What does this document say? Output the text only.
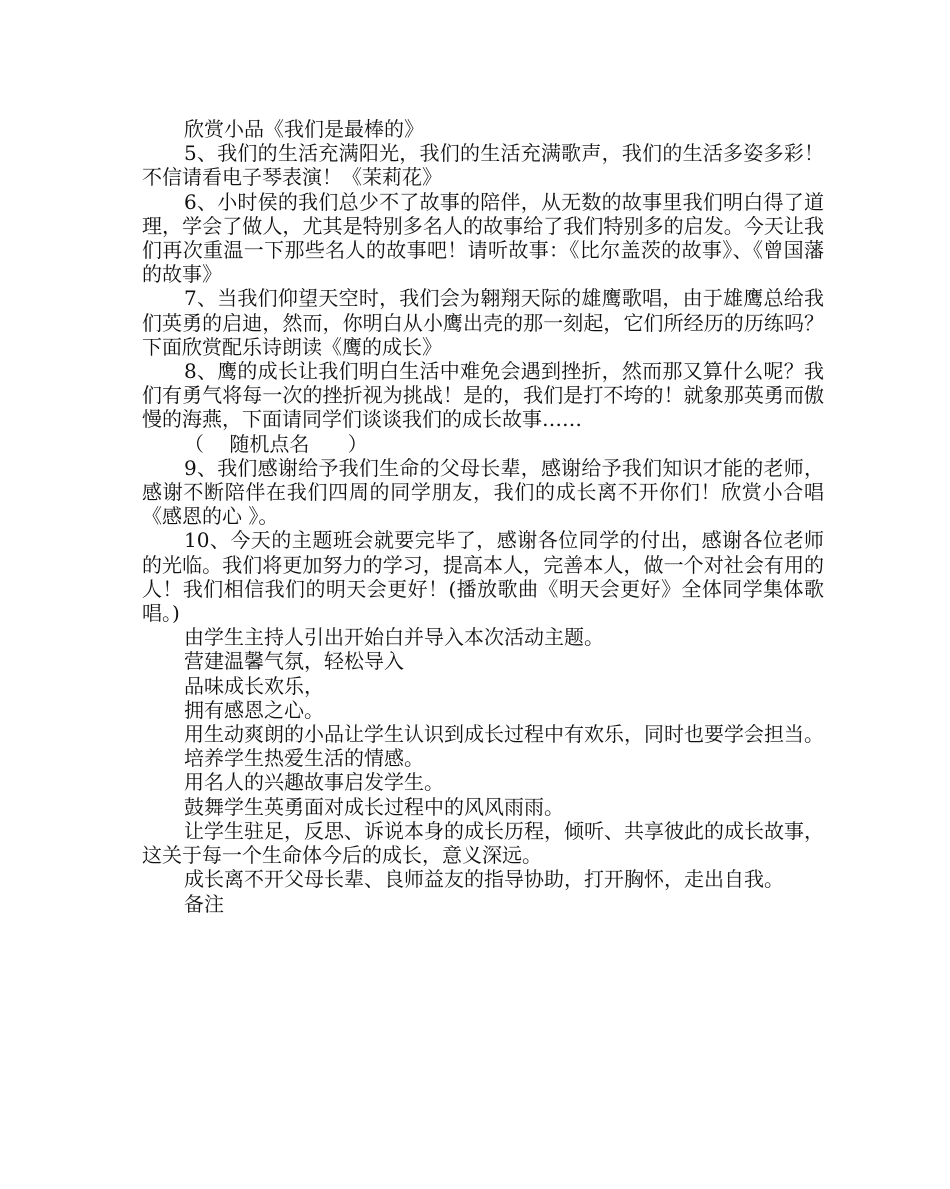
欣赏小品《我们是最棒的》

5、我们的生活充满阳光，我们的生活充满歌声，我们的生活多姿多彩！不信请看电子琴表演！《茉莉花》

6、小时侯的我们总少不了故事的陪伴，从无数的故事里我们明白得了道理，学会了做人，尤其是特别多名人的故事给了我们特别多的启发。今天让我们再次重温一下那些名人的故事吧！请听故事：《比尔盖茨的故事》、《曾国藩的故事》

7、当我们仰望天空时，我们会为翱翔天际的雄鹰歌唱，由于雄鹰总给我们英勇的启迪，然而，你明白从小鹰出壳的那一刻起，它们所经历的历练吗？下面欣赏配乐诗朗读《鹰的成长》

8、鹰的成长让我们明白生活中难免会遇到挫折，然而那又算什么呢？我们有勇气将每一次的挫折视为挑战！是的，我们是打不垮的！就象那英勇而傲慢的海燕，下面请同学们谈谈我们的成长故事……

（    随机点名      ）

9、我们感谢给予我们生命的父母长辈，感谢给予我们知识才能的老师，感谢不断陪伴在我们四周的同学朋友，我们的成长离不开你们！欣赏小合唱《感恩的心 》。

10、今天的主题班会就要完毕了，感谢各位同学的付出，感谢各位老师的光临。我们将更加努力的学习，提高本人，完善本人，做一个对社会有用的人！我们相信我们的明天会更好！(播放歌曲《明天会更好》全体同学集体歌唱。)

由学生主持人引出开始白并导入本次活动主题。

营建温馨气氛，轻松导入

品味成长欢乐，

拥有感恩之心。

用生动爽朗的小品让学生认识到成长过程中有欢乐，同时也要学会担当。

培养学生热爱生活的情感。

用名人的兴趣故事启发学生。

鼓舞学生英勇面对成长过程中的风风雨雨。

让学生驻足，反思、诉说本身的成长历程，倾听、共享彼此的成长故事，这关于每一个生命体今后的成长，意义深远。

成长离不开父母长辈、良师益友的指导协助，打开胸怀，走出自我。

备注
